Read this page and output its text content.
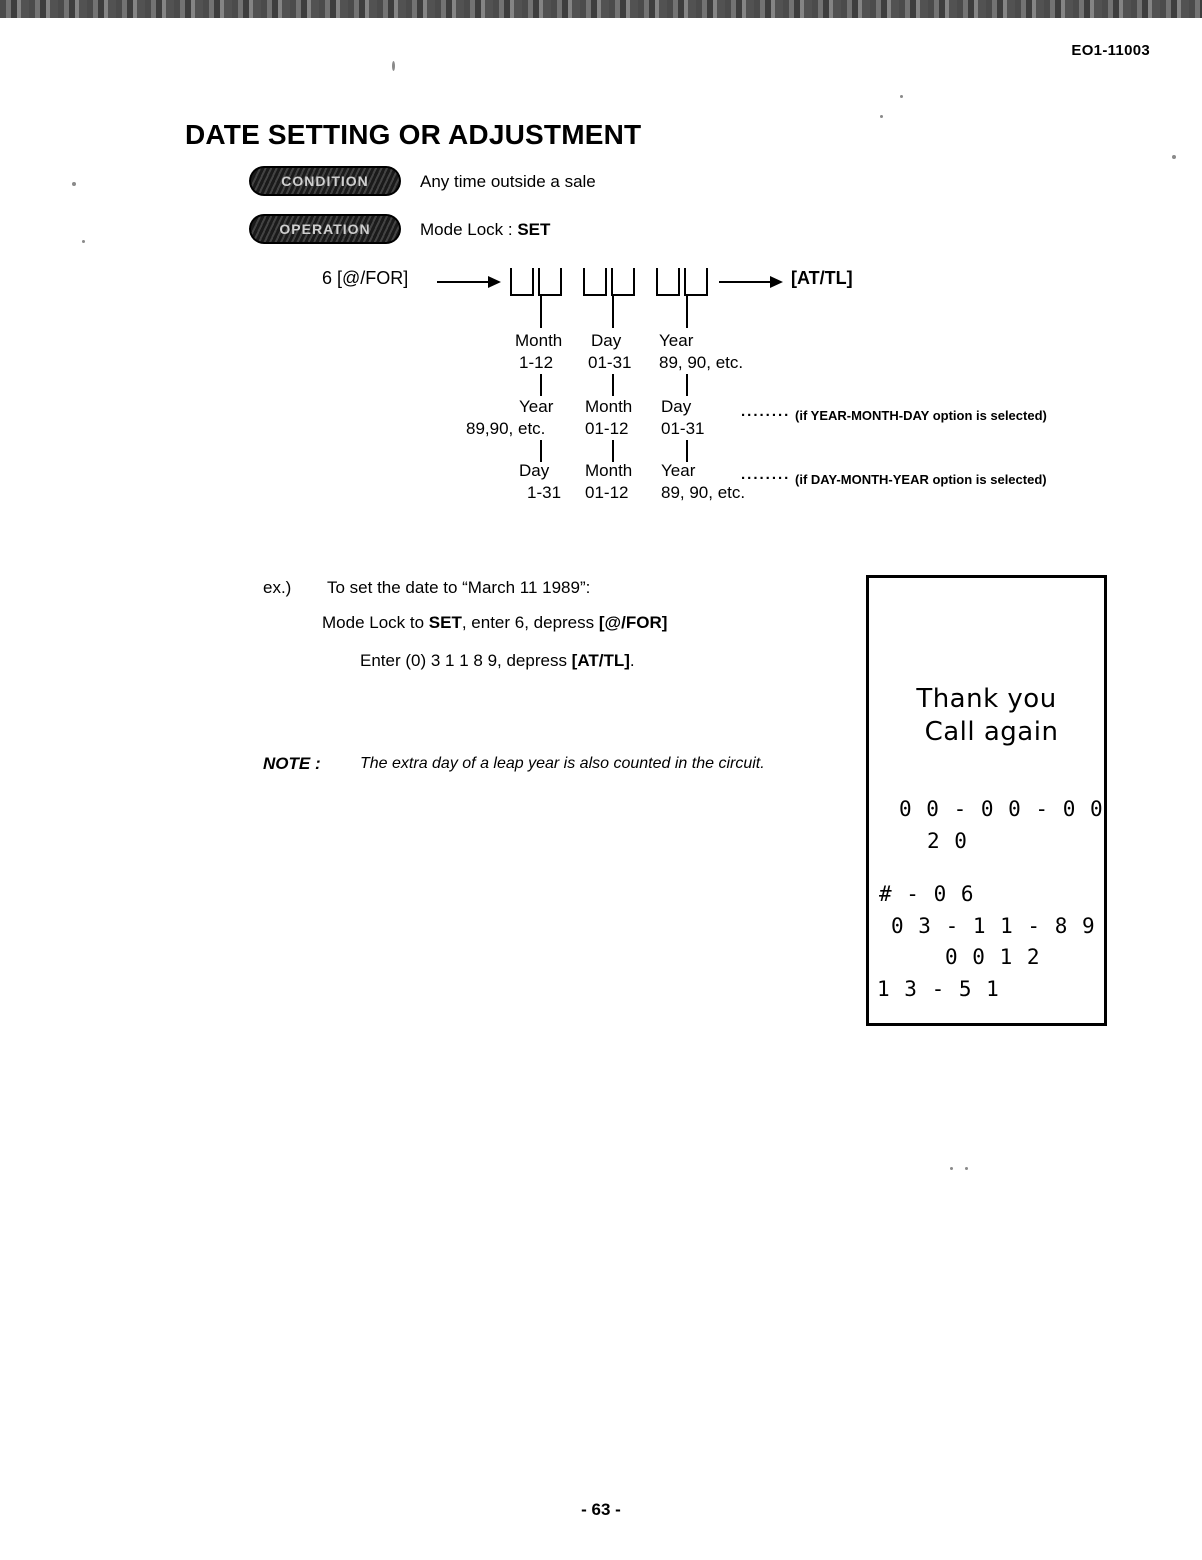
EO1-11003
DATE SETTING OR ADJUSTMENT
CONDITION
OPERATION
Any time outside a sale
Mode Lock : SET
6 [@/FOR]	[AT/TL]
Month Day Year
1-12 01-31 89, 90, etc.
Year Month Day
89,90, etc. 01-12 01-31
........ (if YEAR-MONTH-DAY option is selected)
Day Month Year
1-31 01-12 89, 90, etc.
........ (if DAY-MONTH-YEAR option is selected)
ex.) To set the date to “March 11 1989”:
Mode Lock to SET, enter 6, depress [@/FOR]
Enter (0) 3 1 1 8 9, depress [AT/TL].
NOTE : The extra day of a leap year is also counted in the circuit.
Thank you
Call again
0 0 - 0 0 - 0 0
2 0
# - 0 6
0 3 - 1 1 - 8 9
0 0 1 2
1 3 - 5 1
- 63 -
